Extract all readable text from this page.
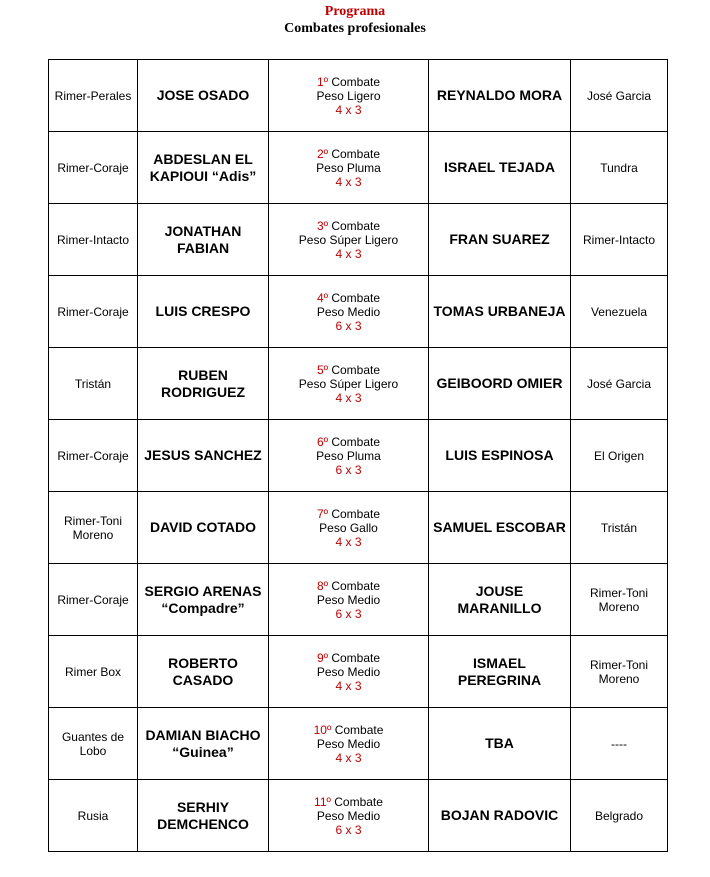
Programa
Combates profesionales
Rimer-Perales	JOSE OSADO	1º Combate
Peso Ligero
4 x 3	REYNALDO MORA	José Garcia
Rimer-Coraje	ABDESLAN EL KAPIOUI “Adis”	2º Combate
Peso Pluma
4 x 3	ISRAEL TEJADA	Tundra
Rimer-Intacto	JONATHAN FABIAN	3º Combate
Peso Súper Ligero
4 x 3	FRAN SUAREZ	Rimer-Intacto
Rimer-Coraje	LUIS CRESPO	4º Combate
Peso Medio
6 x 3	TOMAS URBANEJA	Venezuela
Tristán	RUBEN RODRIGUEZ	5º Combate
Peso Súper Ligero
4 x 3	GEIBOORD OMIER	José Garcia
Rimer-Coraje	JESUS SANCHEZ	6º Combate
Peso Pluma
6 x 3	LUIS ESPINOSA	El Origen
Rimer-Toni Moreno	DAVID COTADO	7º Combate
Peso Gallo
4 x 3	SAMUEL ESCOBAR	Tristán
Rimer-Coraje	SERGIO ARENAS “Compadre”	8º Combate
Peso Medio
6 x 3	JOUSE MARANILLO	Rimer-Toni Moreno
Rimer Box	ROBERTO CASADO	9º Combate
Peso Medio
4 x 3	ISMAEL PEREGRINA	Rimer-Toni Moreno
Guantes de Lobo	DAMIAN BIACHO “Guinea”	10º Combate
Peso Medio
4 x 3	TBA	----
Rusia	SERHIY DEMCHENCO	11º Combate
Peso Medio
6 x 3	BOJAN RADOVIC	Belgrado
